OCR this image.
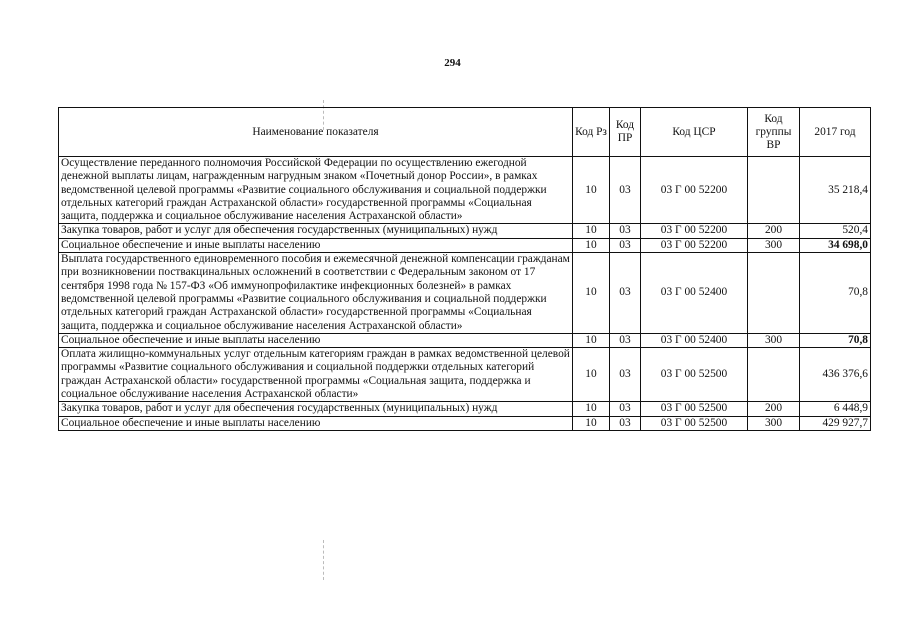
294
Наименование показателя	Код Рз	Код ПР	Код ЦСР	Код группы ВР	2017 год
Осуществление переданного полномочия Российской Федерации по осуществлению ежегодной денежной выплаты лицам, награжденным нагрудным знаком «Почетный донор России», в рамках ведомственной целевой программы «Развитие социального обслуживания и социальной поддержки отдельных категорий граждан Астраханской области» государственной программы «Социальная защита, поддержка и социальное обслуживание населения Астраханской области»	10	03	03 Г 00 52200		35 218,4
Закупка товаров, работ и услуг для обеспечения государственных (муниципальных) нужд	10	03	03 Г 00 52200	200	520,4
Социальное обеспечение и иные выплаты населению	10	03	03 Г 00 52200	300	34 698,0
Выплата государственного единовременного пособия и ежемесячной денежной компенсации гражданам при возникновении поствакцинальных осложнений в соответствии с Федеральным законом от 17 сентября 1998 года № 157-ФЗ «Об иммунопрофилактике инфекционных болезней» в рамках ведомственной целевой программы «Развитие социального обслуживания и социальной поддержки отдельных категорий граждан Астраханской области» государственной программы «Социальная защита, поддержка и социальное обслуживание населения Астраханской области»	10	03	03 Г 00 52400		70,8
Социальное обеспечение и иные выплаты населению	10	03	03 Г 00 52400	300	70,8
Оплата жилищно-коммунальных услуг отдельным категориям граждан в рамках ведомственной целевой программы «Развитие социального обслуживания и социальной поддержки отдельных категорий граждан Астраханской области» государственной программы «Социальная защита, поддержка и социальное обслуживание населения Астраханской области»	10	03	03 Г 00 52500		436 376,6
Закупка товаров, работ и услуг для обеспечения государственных (муниципальных) нужд	10	03	03 Г 00 52500	200	6 448,9
Социальное обеспечение и иные выплаты населению	10	03	03 Г 00 52500	300	429 927,7
